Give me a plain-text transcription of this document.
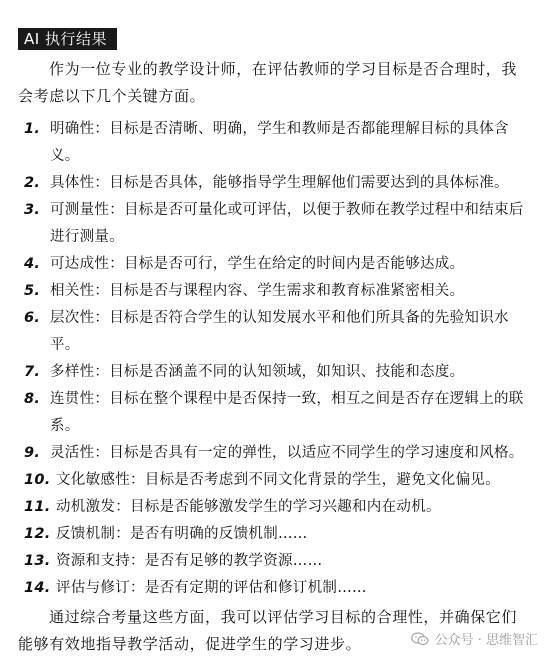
AI 执行结果

作为一位专业的教学设计师，在评估教师的学习目标是否合理时，我会考虑以下几个关键方面。

1. 明确性：目标是否清晰、明确，学生和教师是否都能理解目标的具体含义。
2. 具体性：目标是否具体，能够指导学生理解他们需要达到的具体标准。
3. 可测量性：目标是否可量化或可评估，以便于教师在教学过程中和结束后进行测量。
4. 可达成性：目标是否可行，学生在给定的时间内是否能够达成。
5. 相关性：目标是否与课程内容、学生需求和教育标准紧密相关。
6. 层次性：目标是否符合学生的认知发展水平和他们所具备的先验知识水平。
7. 多样性：目标是否涵盖不同的认知领域，如知识、技能和态度。
8. 连贯性：目标在整个课程中是否保持一致，相互之间是否存在逻辑上的联系。
9. 灵活性：目标是否具有一定的弹性，以适应不同学生的学习速度和风格。
10. 文化敏感性：目标是否考虑到不同文化背景的学生，避免文化偏见。
11. 动机激发：目标是否能够激发学生的学习兴趣和内在动机。
12. 反馈机制：是否有明确的反馈机制……
13. 资源和支持：是否有足够的教学资源……
14. 评估与修订：是否有定期的评估和修订机制……

通过综合考量这些方面，我可以评估学习目标的合理性，并确保它们能够有效地指导教学活动，促进学生的学习进步。	公众号 · 思维智汇
